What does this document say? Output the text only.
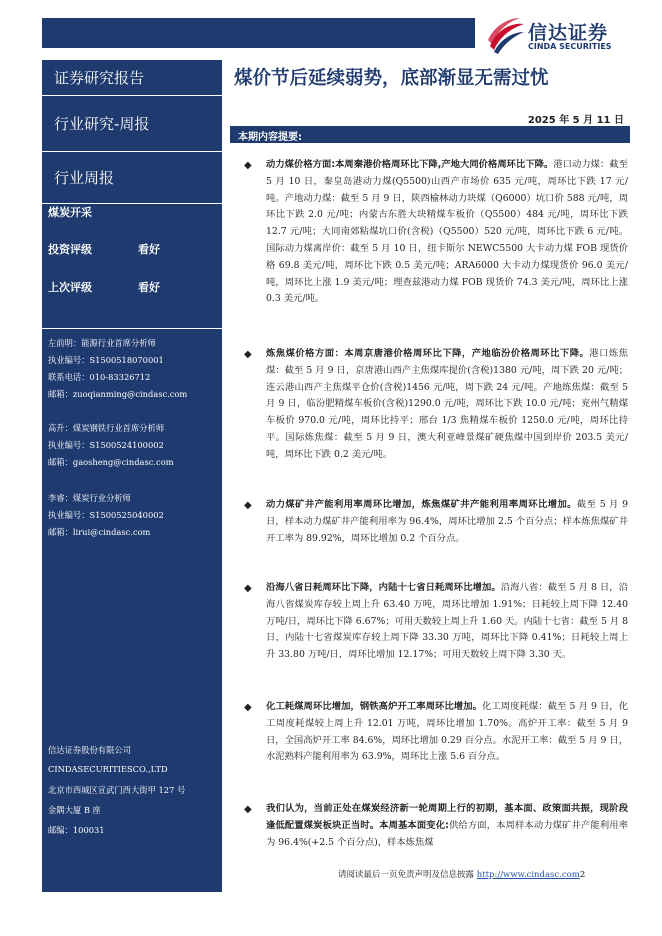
信达证券
CINDA SECURITIES
证券研究报告
行业研究-周报
行业周报
煤炭开采
投资评级	看好
上次评级	看好
左前明：能源行业首席分析师
执业编号：S1500518070001
联系电话：010-83326712
邮箱：zuoqianming@cindasc.com
高升：煤炭钢铁行业首席分析师
执业编号：S1500524100002
邮箱：gaosheng@cindasc.com
李睿：煤炭行业分析师
执业编号：S1500525040002
邮箱：lirui@cindasc.com
信达证券股份有限公司
CINDASECURITIESCO.,LTD
北京市西城区宣武门西大街甲 127 号
金隅大厦 B 座
邮编：100031
煤价节后延续弱势，底部渐显无需过忧
2025 年 5 月 11 日
本期内容提要:
◆ 动力煤价格方面:本周秦港价格周环比下降,产地大同价格周环比下降。港口动力煤：截至 5 月 10 日，秦皇岛港动力煤(Q5500)山西产市场价 635 元/吨，周环比下跌 17 元/吨。产地动力煤：截至 5 月 9 日，陕西榆林动力块煤（Q6000）坑口价 588 元/吨，周环比下跌 2.0 元/吨；内蒙古东胜大块精煤车板价（Q5500）484 元/吨，周环比下跌 12.7 元/吨；大同南郊粘煤坑口价(含税)（Q5500）520 元/吨，周环比下跌 6 元/吨。国际动力煤离岸价：截至 5 月 10 日，纽卡斯尔 NEWC5500 大卡动力煤 FOB 现货价格 69.8 美元/吨，周环比下跌 0.5 美元/吨；ARA6000 大卡动力煤现货价 96.0 美元/吨，周环比上涨 1.9 美元/吨；理查兹港动力煤 FOB 现货价 74.3 美元/吨，周环比上涨 0.3 美元/吨。
◆ 炼焦煤价格方面：本周京唐港价格周环比下降，产地临汾价格周环比下降。港口炼焦煤：截至 5 月 9 日，京唐港山西产主焦煤库提价(含税)1380 元/吨，周下跌 20 元/吨；连云港山西产主焦煤平仓价(含税)1456 元/吨，周下跌 24 元/吨。产地炼焦煤：截至 5 月 9 日，临汾肥精煤车板价(含税)1290.0 元/吨，周环比下跌 10.0 元/吨；兖州气精煤车板价 970.0 元/吨，周环比持平；邢台 1/3 焦精煤车板价 1250.0 元/吨，周环比持平。国际炼焦煤：截至 5 月 9 日，澳大利亚峰景煤矿硬焦煤中国到岸价 203.5 美元/吨，周环比下跌 0.2 美元/吨。
◆ 动力煤矿井产能利用率周环比增加，炼焦煤矿井产能利用率周环比增加。截至 5 月 9 日，样本动力煤矿井产能利用率为 96.4%，周环比增加 2.5 个百分点；样本炼焦煤矿井开工率为 89.92%，周环比增加 0.2 个百分点。
◆ 沿海八省日耗周环比下降，内陆十七省日耗周环比增加。沿海八省：截至 5 月 8 日，沿海八省煤炭库存较上周上升 63.40 万吨，周环比增加 1.91%；日耗较上周下降 12.40 万吨/日，周环比下降 6.67%；可用天数较上周上升 1.60 天。内陆十七省：截至 5 月 8 日，内陆十七省煤炭库存较上周下降 33.30 万吨，周环比下降 0.41%；日耗较上周上升 33.80 万吨/日，周环比增加 12.17%；可用天数较上周下降 3.30 天。
◆ 化工耗煤周环比增加，钢铁高炉开工率周环比增加。化工周度耗煤：截至 5 月 9 日，化工周度耗煤较上周上升 12.01 万吨，周环比增加 1.70%。高炉开工率：截至 5 月 9 日，全国高炉开工率 84.6%，周环比增加 0.29 百分点。水泥开工率：截至 5 月 9 日，水泥熟料产能利用率为 63.9%，周环比上涨 5.6 百分点。
◆ 我们认为，当前正处在煤炭经济新一轮周期上行的初期，基本面、政策面共振，现阶段逢低配置煤炭板块正当时。本周基本面变化:供给方面，本周样本动力煤矿井产能利用率为 96.4%(+2.5 个百分点)，样本炼焦煤
请阅读最后一页免责声明及信息披露 http://www.cindasc.com2
